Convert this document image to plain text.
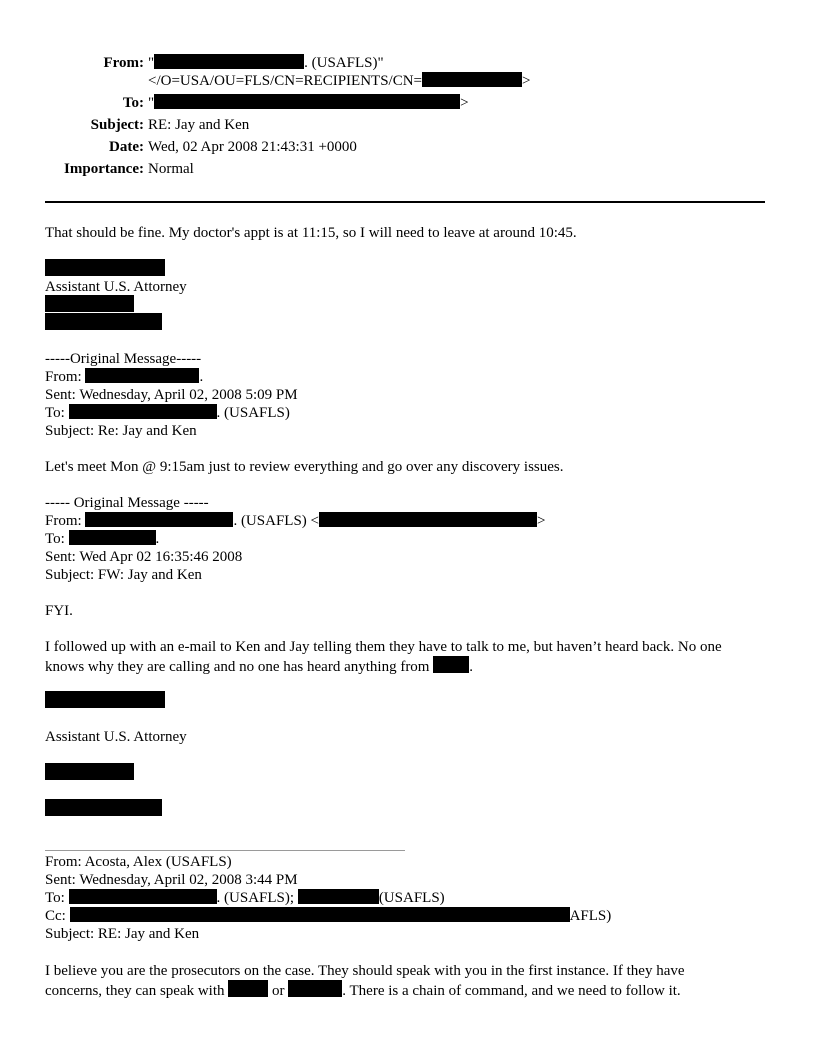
From: "	. (USAFLS)"
</O=USA/OU=FLS/CN=RECIPIENTS/CN=	>
To: "	>
Subject: RE: Jay and Ken
Date: Wed, 02 Apr 2008 21:43:31 +0000
Importance: Normal
That should be fine. My doctor's appt is at 11:15, so I will need to leave at around 10:45.
Assistant U.S. Attorney
-----Original Message-----
From:	.
Sent: Wednesday, April 02, 2008 5:09 PM
To:	. (USAFLS)
Subject: Re: Jay and Ken
Let's meet Mon @ 9:15am just to review everything and go over any discovery issues.
----- Original Message -----
From:	. (USAFLS) <	>
To:	.
Sent: Wed Apr 02 16:35:46 2008
Subject: FW: Jay and Ken
FYI.
I followed up with an e-mail to Ken and Jay telling them they have to talk to me, but haven’t heard back. No one
knows why they are calling and no one has heard anything from .
Assistant U.S. Attorney
From: Acosta, Alex (USAFLS)
Sent: Wednesday, April 02, 2008 3:44 PM
To:	. (USAFLS);	(USAFLS)
Cc:	AFLS)
Subject: RE: Jay and Ken
I believe you are the prosecutors on the case. They should speak with you in the first instance. If they have
concerns, they can speak with	or	. There is a chain of command, and we need to follow it.
